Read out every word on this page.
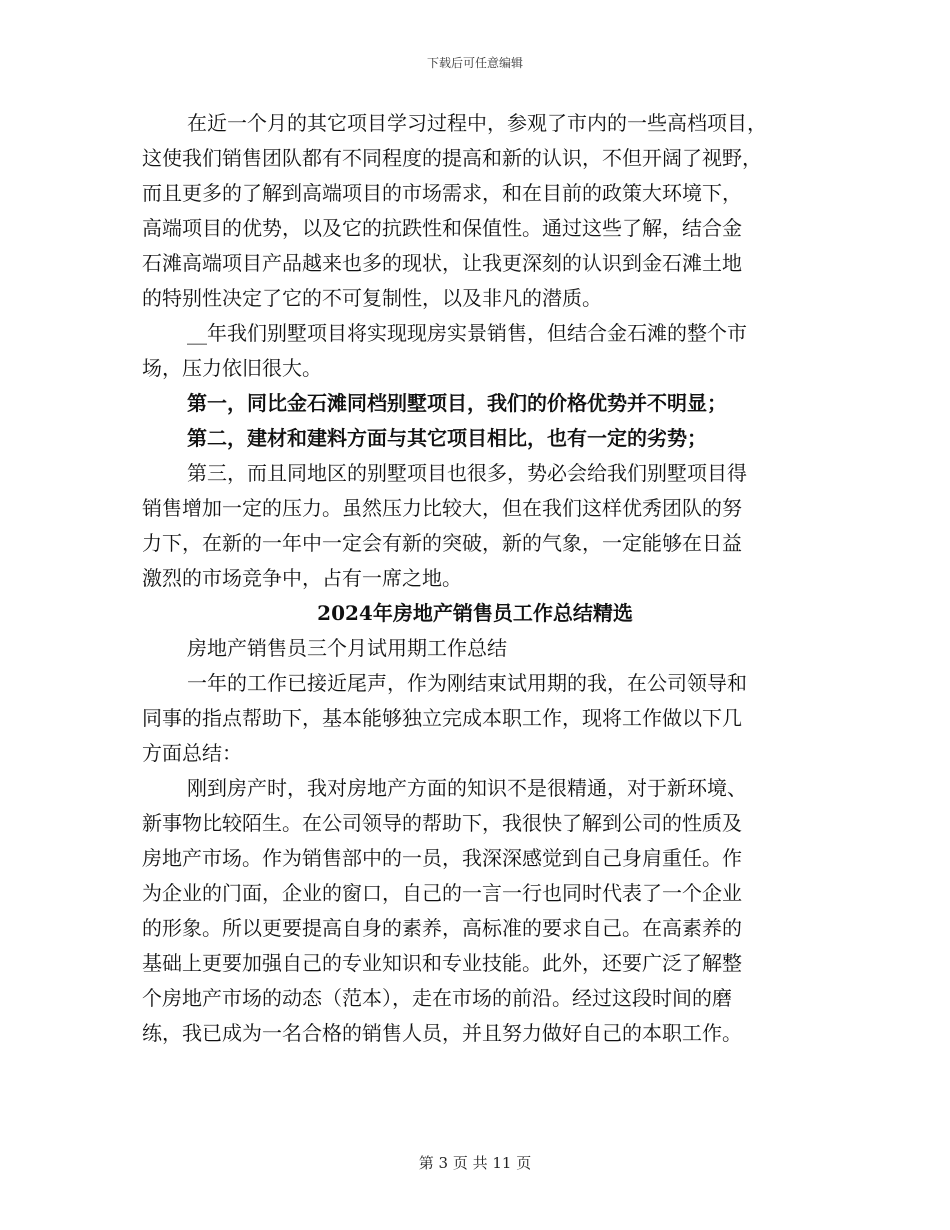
下载后可任意编辑
在近一个月的其它项目学习过程中，参观了市内的一些高档项目，
这使我们销售团队都有不同程度的提高和新的认识，不但开阔了视野，
而且更多的了解到高端项目的市场需求，和在目前的政策大环境下，
高端项目的优势，以及它的抗跌性和保值性。通过这些了解，结合金
石滩高端项目产品越来也多的现状，让我更深刻的认识到金石滩土地
的特别性决定了它的不可复制性，以及非凡的潜质。
__年我们别墅项目将实现现房实景销售，但结合金石滩的整个市
场，压力依旧很大。
第一，同比金石滩同档别墅项目，我们的价格优势并不明显；
第二，建材和建料方面与其它项目相比，也有一定的劣势；
第三，而且同地区的别墅项目也很多，势必会给我们别墅项目得
销售增加一定的压力。虽然压力比较大，但在我们这样优秀团队的努
力下，在新的一年中一定会有新的突破，新的气象，一定能够在日益
激烈的市场竞争中，占有一席之地。
2024年房地产销售员工作总结精选
房地产销售员三个月试用期工作总结
一年的工作已接近尾声，作为刚结束试用期的我，在公司领导和
同事的指点帮助下，基本能够独立完成本职工作，现将工作做以下几
方面总结：
刚到房产时，我对房地产方面的知识不是很精通，对于新环境、
新事物比较陌生。在公司领导的帮助下，我很快了解到公司的性质及
房地产市场。作为销售部中的一员，我深深感觉到自己身肩重任。作
为企业的门面，企业的窗口，自己的一言一行也同时代表了一个企业
的形象。所以更要提高自身的素养，高标准的要求自己。在高素养的
基础上更要加强自己的专业知识和专业技能。此外，还要广泛了解整
个房地产市场的动态（范本），走在市场的前沿。经过这段时间的磨
练，我已成为一名合格的销售人员，并且努力做好自己的本职工作。
第 3 页 共 11 页
